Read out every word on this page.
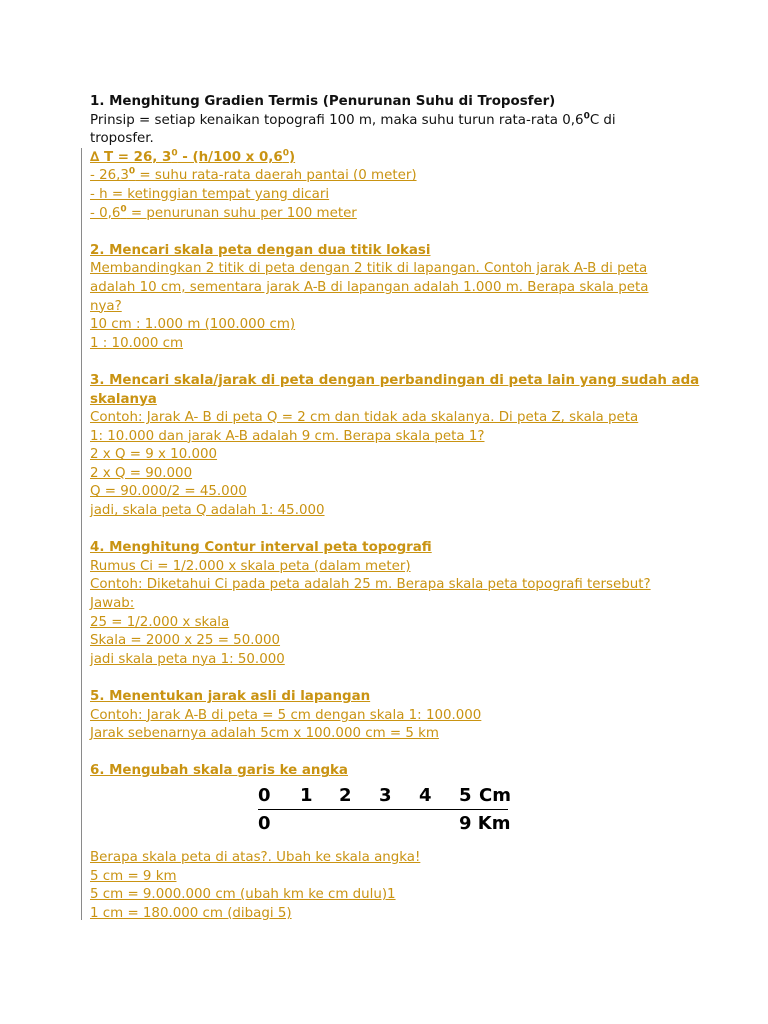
1. Menghitung Gradien Termis (Penurunan Suhu di Troposfer)
Prinsip = setiap kenaikan topografi 100 m, maka suhu turun rata-rata $0,6^0C$ di
troposfer.
∆ T = 26, $3^0 - (h/100$ x $0,6^0$)
- $26,3^0$ = suhu rata-rata daerah pantai (0 meter)
- h = ketinggian tempat yang dicari
- $0,6^0$ = penurunan suhu per 100 meter
2. Mencari skala peta dengan dua titik lokasi
Membandingkan 2 titik di peta dengan 2 titik di lapangan. Contoh jarak A-B di peta
adalah 10 cm, sementara jarak A-B di lapangan adalah 1.000 m. Berapa skala peta
nya?
10 cm : 1.000 m (100.000 cm)
1 : 10.000 cm
3. Mencari skala/jarak di peta dengan perbandingan di peta lain yang sudah ada
skalanya
Contoh: Jarak A- B di peta Q = 2 cm dan tidak ada skalanya. Di peta Z, skala peta
1: 10.000 dan jarak A-B adalah 9 cm. Berapa skala peta 1?
2 x Q = 9 x 10.000
2 x Q = 90.000
Q = 90.000/2 = 45.000
jadi, skala peta Q adalah 1: 45.000
4. Menghitung Contur interval peta topografi
Rumus Ci = 1/2.000 x skala peta (dalam meter)
Contoh: Diketahui Ci pada peta adalah 25 m. Berapa skala peta topografi tersebut?
Jawab:
25 = 1/2.000 x skala
Skala = 2000 x 25 = 50.000
jadi skala peta nya 1: 50.000
5. Menentukan jarak asli di lapangan
Contoh: Jarak A-B di peta = 5 cm dengan skala 1: 100.000
Jarak sebenarnya adalah 5cm x 100.000 cm = 5 km
6. Mengubah skala garis ke angka
0 1 2 3 4 5 Cm
0	9 Km
Berapa skala peta di atas?. Ubah ke skala angka!
5 cm = 9 km
5 cm = 9.000.000 cm (ubah km ke cm dulu)1
1 cm = 180.000 cm (dibagi 5)
